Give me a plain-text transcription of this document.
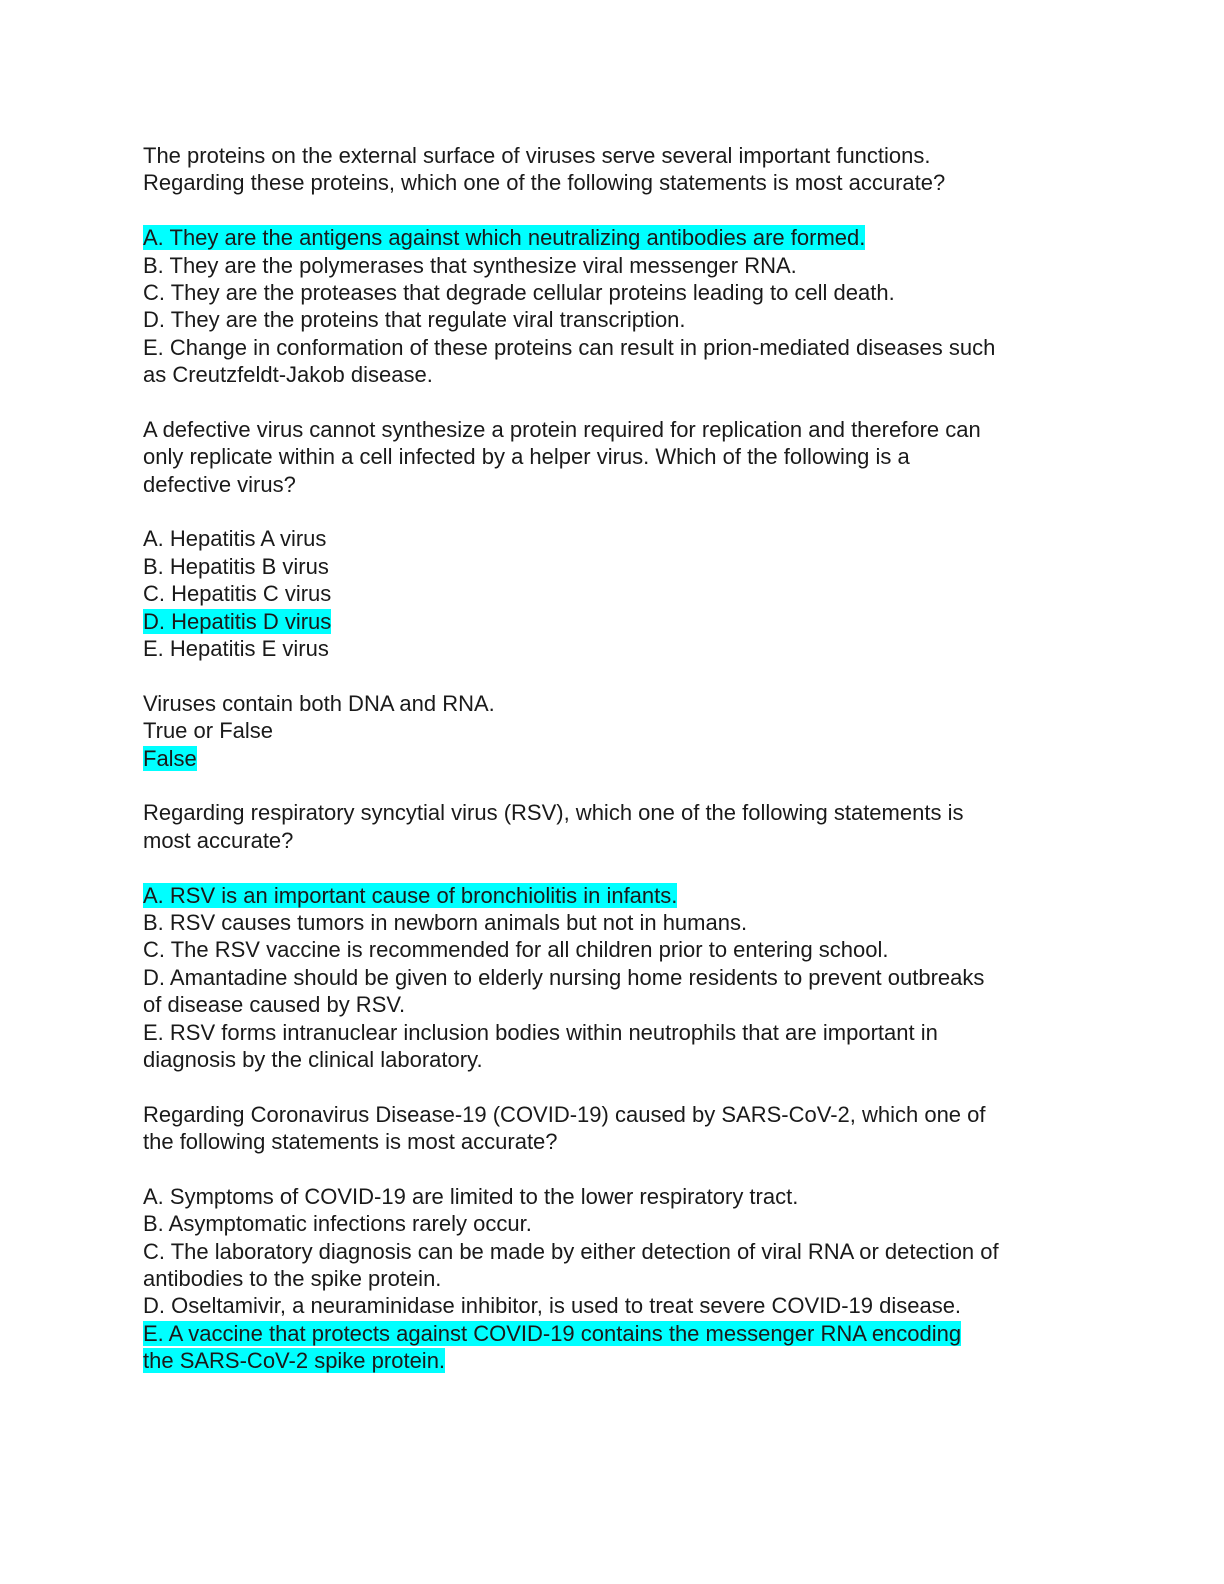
The proteins on the external surface of viruses serve several important functions.
Regarding these proteins, which one of the following statements is most accurate?
A. They are the antigens against which neutralizing antibodies are formed.
B. They are the polymerases that synthesize viral messenger RNA.
C. They are the proteases that degrade cellular proteins leading to cell death.
D. They are the proteins that regulate viral transcription.
E. Change in conformation of these proteins can result in prion-mediated diseases such
as Creutzfeldt-Jakob disease.
A defective virus cannot synthesize a protein required for replication and therefore can
only replicate within a cell infected by a helper virus. Which of the following is a
defective virus?
A. Hepatitis A virus
B. Hepatitis B virus
C. Hepatitis C virus
D. Hepatitis D virus
E. Hepatitis E virus
Viruses contain both DNA and RNA.
True or False
False
Regarding respiratory syncytial virus (RSV), which one of the following statements is
most accurate?
A. RSV is an important cause of bronchiolitis in infants.
B. RSV causes tumors in newborn animals but not in humans.
C. The RSV vaccine is recommended for all children prior to entering school.
D. Amantadine should be given to elderly nursing home residents to prevent outbreaks
of disease caused by RSV.
E. RSV forms intranuclear inclusion bodies within neutrophils that are important in
diagnosis by the clinical laboratory.
Regarding Coronavirus Disease-19 (COVID-19) caused by SARS-CoV-2, which one of
the following statements is most accurate?
A. Symptoms of COVID-19 are limited to the lower respiratory tract.
B. Asymptomatic infections rarely occur.
C. The laboratory diagnosis can be made by either detection of viral RNA or detection of
antibodies to the spike protein.
D. Oseltamivir, a neuraminidase inhibitor, is used to treat severe COVID-19 disease.
E. A vaccine that protects against COVID-19 contains the messenger RNA encoding
the SARS-CoV-2 spike protein.
